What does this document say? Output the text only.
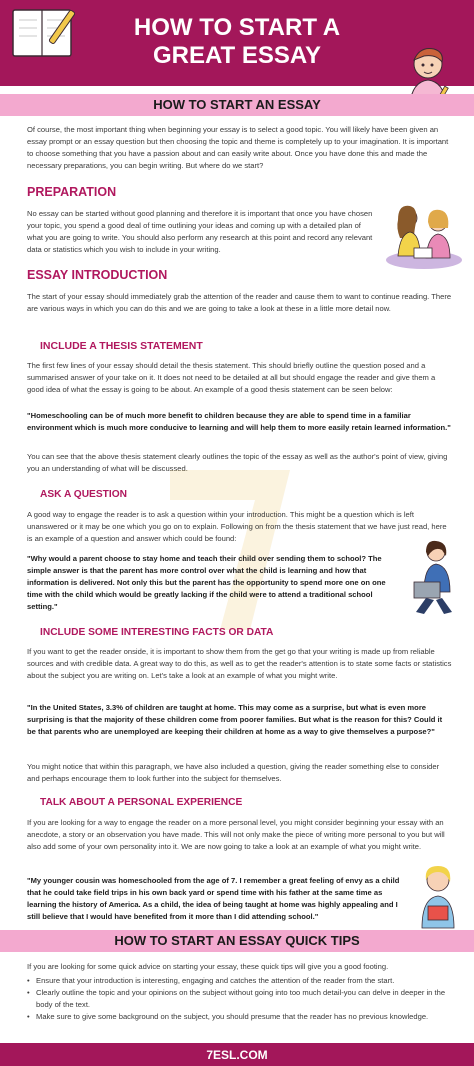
HOW TO START A
GREAT ESSAY
HOW TO START AN ESSAY

Of course, the most important thing when beginning your essay is to select a good topic. You will likely have been given an essay prompt or an essay question but then choosing the topic and theme is completely up to your imagination. It is important to choose something that you have a passion about and can easily write about. Once you have done this and made the necessary preparations, you can begin writing. But where do we start?

PREPARATION

No essay can be started without good planning and therefore it is important that once you have chosen your topic, you spend a good deal of time outlining your ideas and coming up with a detailed plan of what you are going to write. You should also perform any research at this point and record any relevant data or statistics which you wish to include in your writing.

ESSAY INTRODUCTION

The start of your essay should immediately grab the attention of the reader and cause them to want to continue reading. There are various ways in which you can do this and we are going to take a look at these in a little more detail now.

INCLUDE A THESIS STATEMENT

The first few lines of your essay should detail the thesis statement. This should briefly outline the question posed and a summarised answer of your take on it. It does not need to be detailed at all but should engage the reader and give them a good idea of what the essay is going to be about. An example of a good thesis statement can be seen below:

"Homeschooling can be of much more benefit to children because they are able to spend time in a familiar environment which is much more conducive to learning and will help them to more easily retain learned information."

You can see that the above thesis statement clearly outlines the topic of the essay as well as the author's point of view, giving you an understanding of what will be discussed.

ASK A QUESTION

A good way to engage the reader is to ask a question within your introduction. This might be a question which is left unanswered or it may be one which you go on to explain. Following on from the thesis statement that we have just read, here is an example of a question and answer which could be found:

"Why would a parent choose to stay home and teach their child over sending them to school? The simple answer is that the parent has more control over what the child is learning and how that information is delivered. Not only this but the parent has the opportunity to spend more one on one time with the child which would be greatly lacking if the child were to attend a traditional school setting."

INCLUDE SOME INTERESTING FACTS OR DATA

If you want to get the reader onside, it is important to show them from the get go that your writing is made up from reliable sources and with credible data. A great way to do this, as well as to get the reader's attention is to state some facts or statistics about the subject you are writing on. Let's take a look at an example of what you might write.

"In the United States, 3.3% of children are taught at home. This may come as a surprise, but what is even more surprising is that the majority of these children come from poorer families. But what is the reason for this? Could it be that parents who are unemployed are keeping their children at home as a way to give themselves a purpose?"

You might notice that within this paragraph, we have also included a question, giving the reader something else to consider and perhaps encourage them to look further into the subject for themselves.

TALK ABOUT A PERSONAL EXPERIENCE

If you are looking for a way to engage the reader on a more personal level, you might consider beginning your essay with an anecdote, a story or an observation you have made. This will not only make the piece of writing more personal to you but will also add some of your own personality into it. We are now going to take a look at an example of what you might write.

"My younger cousin was homeschooled from the age of 7. I remember a great feeling of envy as a child that he could take field trips in his own back yard or spend time with his father at the same time as learning the history of America. As a child, the idea of being taught at home was highly appealing and I still believe that I would have benefited from it more than I did attending school."

HOW TO START AN ESSAY QUICK TIPS

If you are looking for some quick advice on starting your essay, these quick tips will give you a good footing.

• Ensure that your introduction is interesting, engaging and catches the attention of the reader from the start.
• Clearly outline the topic and your opinions on the subject without going into too much detail-you can delve in deeper in the body of the text.
• Make sure to give some background on the subject, you should presume that the reader has no previous knowledge.
7ESL.COM
